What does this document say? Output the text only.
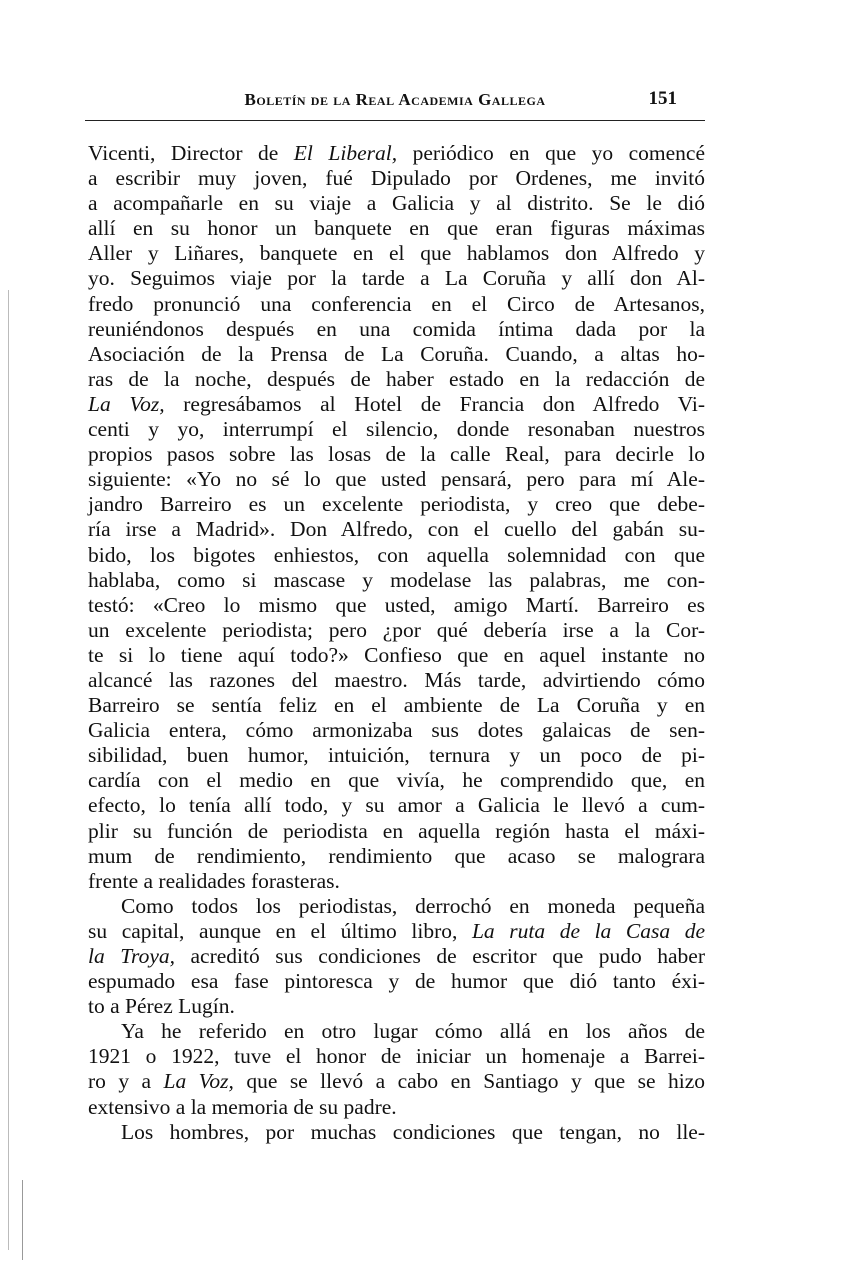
Boletín de la Real Academia Gallega	151
Vicenti, Director de El Liberal, periódico en que yo comencé
a escribir muy joven, fué Dipulado por Ordenes, me invitó
a acompañarle en su viaje a Galicia y al distrito. Se le dió
allí en su honor un banquete en que eran figuras máximas
Aller y Liñares, banquete en el que hablamos don Alfredo y
yo. Seguimos viaje por la tarde a La Coruña y allí don Al-
fredo pronunció una conferencia en el Circo de Artesanos,
reuniéndonos después en una comida íntima dada por la
Asociación de la Prensa de La Coruña. Cuando, a altas ho-
ras de la noche, después de haber estado en la redacción de
La Voz, regresábamos al Hotel de Francia don Alfredo Vi-
centi y yo, interrumpí el silencio, donde resonaban nuestros
propios pasos sobre las losas de la calle Real, para decirle lo
siguiente: «Yo no sé lo que usted pensará, pero para mí Ale-
jandro Barreiro es un excelente periodista, y creo que debe-
ría irse a Madrid». Don Alfredo, con el cuello del gabán su-
bido, los bigotes enhiestos, con aquella solemnidad con que
hablaba, como si mascase y modelase las palabras, me con-
testó: «Creo lo mismo que usted, amigo Martí. Barreiro es
un excelente periodista; pero ¿por qué debería irse a la Cor-
te si lo tiene aquí todo?» Confieso que en aquel instante no
alcancé las razones del maestro. Más tarde, advirtiendo cómo
Barreiro se sentía feliz en el ambiente de La Coruña y en
Galicia entera, cómo armonizaba sus dotes galaicas de sen-
sibilidad, buen humor, intuición, ternura y un poco de pi-
cardía con el medio en que vivía, he comprendido que, en
efecto, lo tenía allí todo, y su amor a Galicia le llevó a cum-
plir su función de periodista en aquella región hasta el máxi-
mum de rendimiento, rendimiento que acaso se malograra
frente a realidades forasteras.
Como todos los periodistas, derrochó en moneda pequeña
su capital, aunque en el último libro, La ruta de la Casa de
la Troya, acreditó sus condiciones de escritor que pudo haber
espumado esa fase pintoresca y de humor que dió tanto éxi-
to a Pérez Lugín.
Ya he referido en otro lugar cómo allá en los años de
1921 o 1922, tuve el honor de iniciar un homenaje a Barrei-
ro y a La Voz, que se llevó a cabo en Santiago y que se hizo
extensivo a la memoria de su padre.
Los hombres, por muchas condiciones que tengan, no lle-
